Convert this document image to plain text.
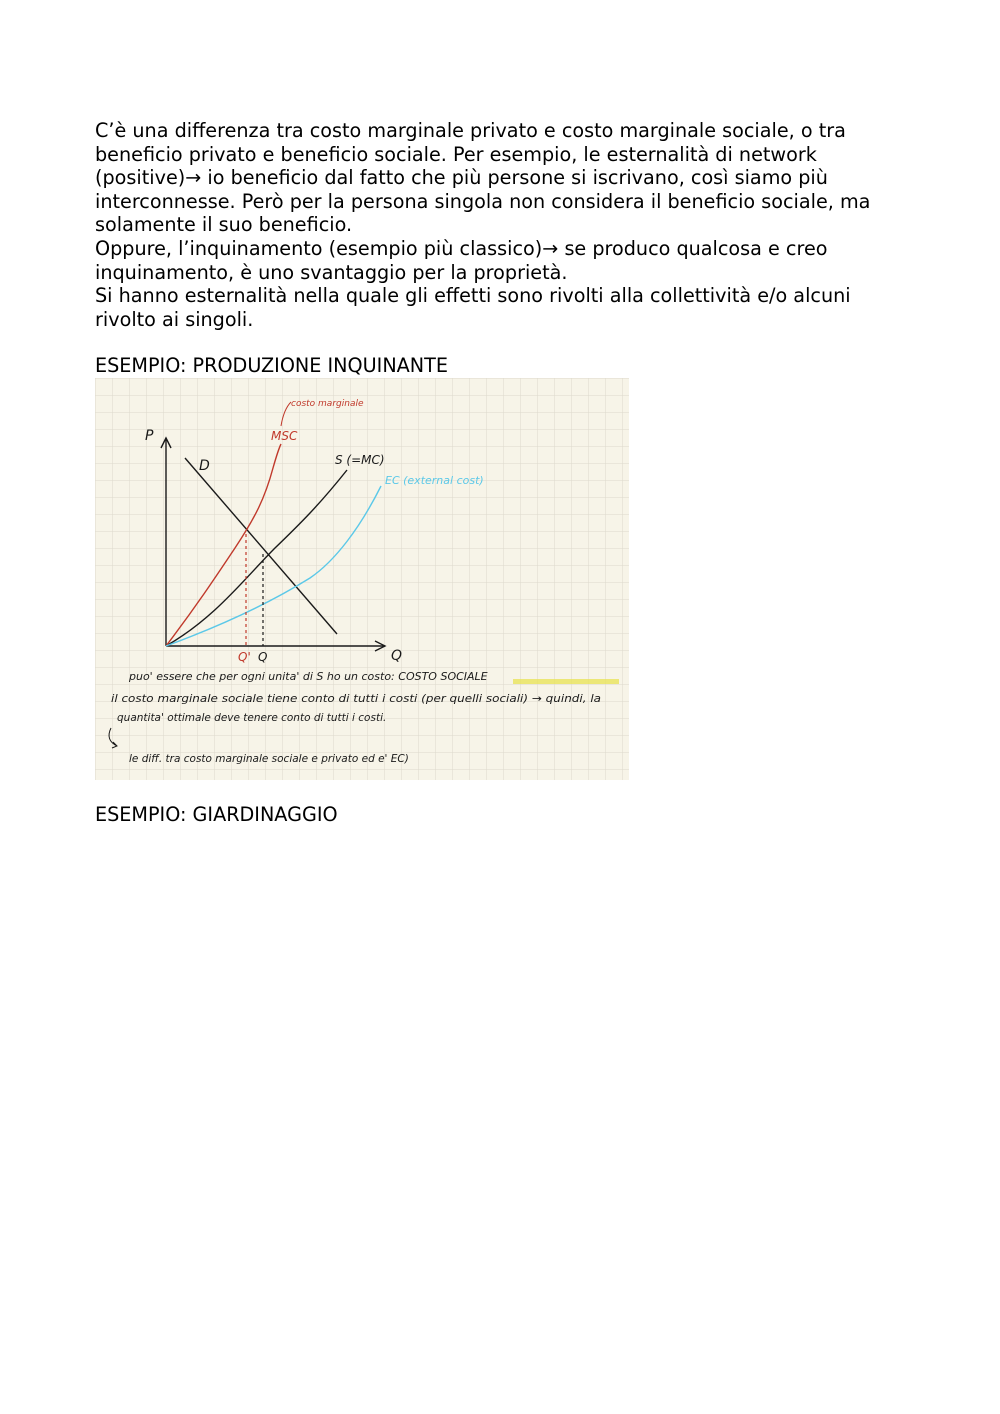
C’è una differenza tra costo marginale privato e costo marginale sociale, o tra beneficio privato e beneficio sociale. Per esempio, le esternalità di network (positive)→ io beneficio dal fatto che più persone si iscrivano, così siamo più interconnesse. Però per la persona singola non considera il beneficio sociale, ma solamente il suo beneficio.

Oppure, l’inquinamento (esempio più classico)→ se produco qualcosa e creo inquinamento, è uno svantaggio per la proprietà.

Si hanno esternalità nella quale gli effetti sono rivolti alla collettività e/o alcuni rivolto ai singoli.

ESEMPIO: PRODUZIONE INQUINANTE

P
Q
D
MSC
costo marginale
S (=MC)
EC (external cost)
Q' Q
puo' essere che per ogni unita' di S ho un costo: COSTO SOCIALE
il costo marginale sociale tiene conto di tutti i costi (per quelli sociali) → quindi, la
quantita' ottimale deve tenere conto di tutti i costi.
le diff. tra costo marginale sociale e privato ed e' EC)

ESEMPIO: GIARDINAGGIO
